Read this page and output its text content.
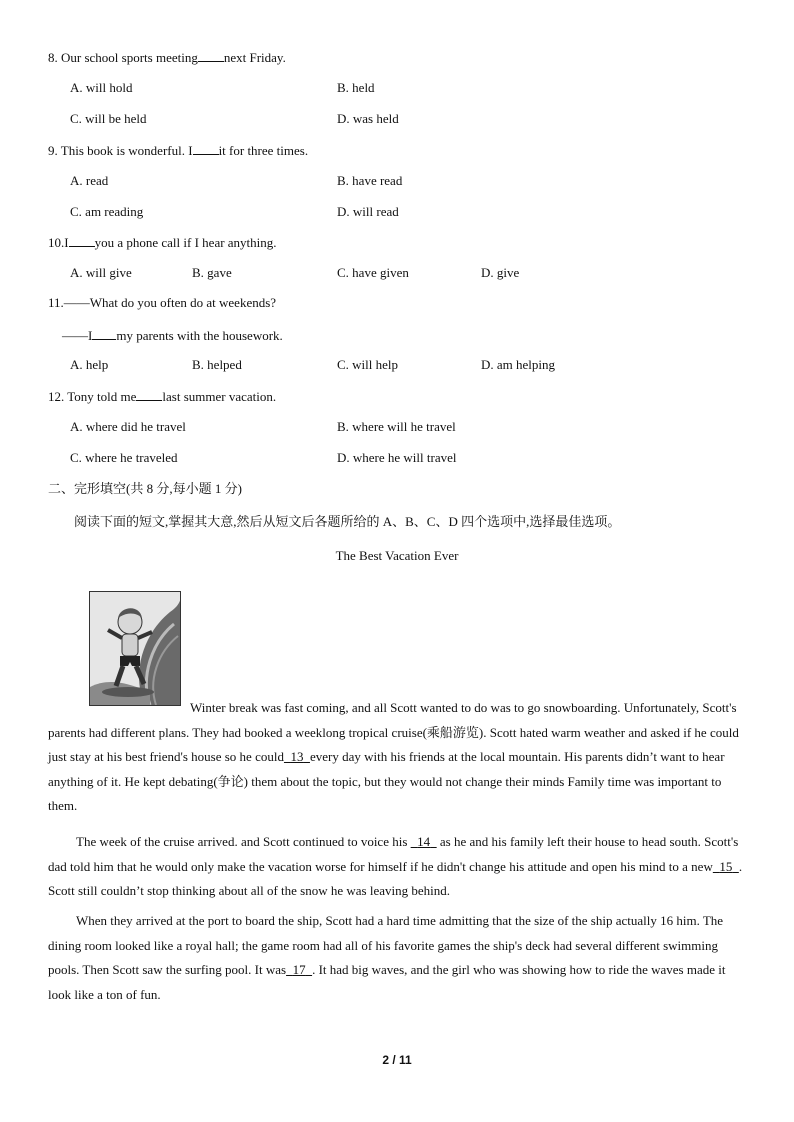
8. Our school sports meeting next Friday.
A. will hold	B. held
C. will be held	D. was held
9. This book is wonderful. I it for three times.
A. read	B. have read
C. am reading	D. will read
10.I you a phone call if I hear anything.
A. will give	B. gave	C. have given	D. give
11.——What do you often do at weekends?
——I my parents with the housework.
A. help	B. helped	C. will help	D. am helping
12. Tony told me last summer vacation.
A. where did he travel	B. where will he travel
C. where he traveled	D. where he will travel
二、完形填空(共 8 分,每小题 1 分)
阅读下面的短文,掌握其大意,然后从短文后各题所给的 A、B、C、D 四个选项中,选择最佳选项。
The Best Vacation Ever
Winter break was fast coming, and all Scott wanted to do was to go snowboarding. Unfortunately, Scott's parents had different plans. They had booked a weeklong tropical cruise(乘船游览). Scott hated warm weather and asked if he could just stay at his best friend's house so he could 13 every day with his friends at the local mountain. His parents didn’t want to hear anything of it. He kept debating(争论) them about the topic, but they would not change their minds Family time was important to them.
The week of the cruise arrived. and Scott continued to voice his 14 as he and his family left their house to head south. Scott's dad told him that he would only make the vacation worse for himself if he didn't change his attitude and open his mind to a new 15 . Scott still couldn’t stop thinking about all of the snow he was leaving behind.
When they arrived at the port to board the ship, Scott had a hard time admitting that the size of the ship actually 16 him. The dining room looked like a royal hall; the game room had all of his favorite games the ship's deck had several different swimming pools. Then Scott saw the surfing pool. It was 17 . It had big waves, and the girl who was showing how to ride the waves made it look like a ton of fun.
2 / 11
